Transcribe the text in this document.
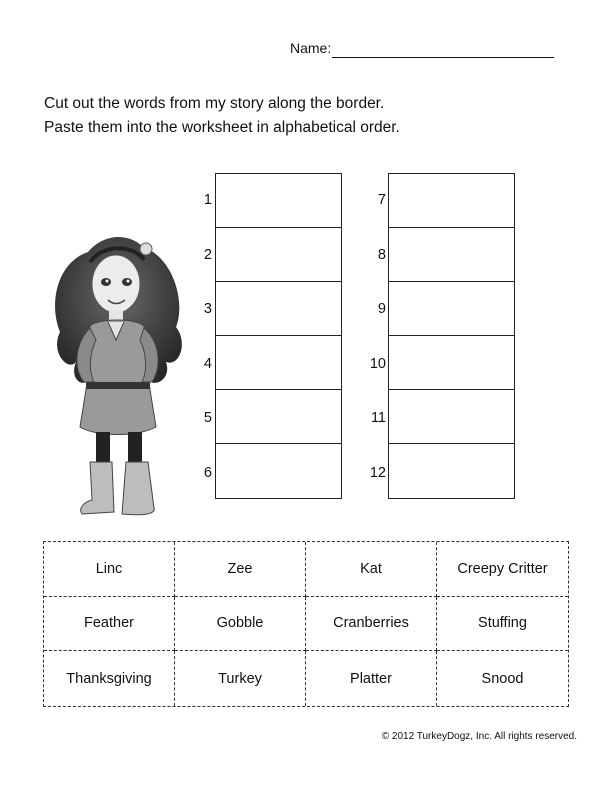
Name:
Cut out the words from my story along the border.
Paste them into the worksheet in alphabetical order.
1
2
3
4
5
6
7
8
9
10
11
12
Linc	Zee	Kat	Creepy Critter
Feather	Gobble	Cranberries	Stuffing
Thanksgiving	Turkey	Platter	Snood
© 2012 TurkeyDogz, Inc. All rights reserved.
